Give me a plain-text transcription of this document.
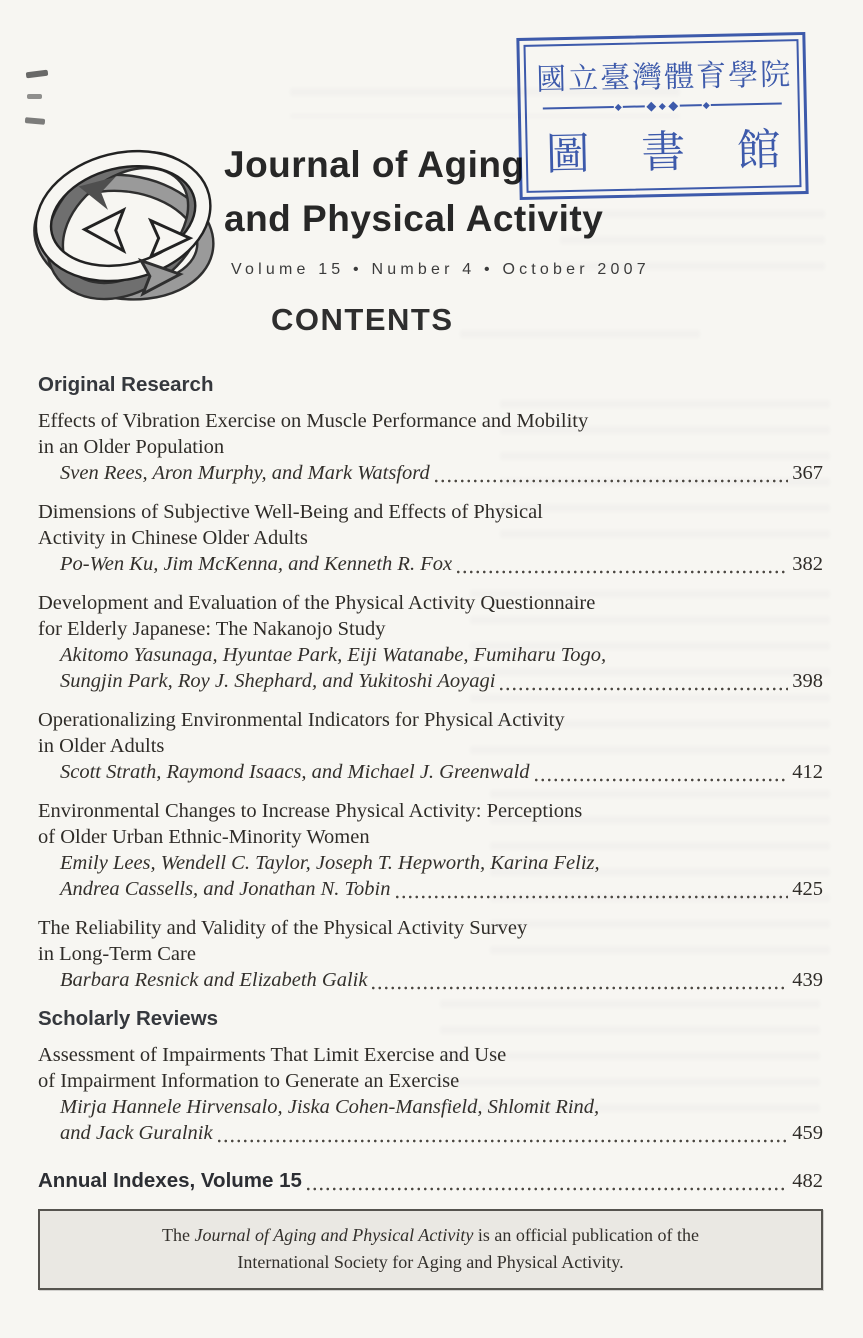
Journal of Aging
and Physical Activity
Volume 15 • Number 4 • October 2007
CONTENTS
國立臺灣體育學院
圖 書 館
Original Research
Effects of Vibration Exercise on Muscle Performance and Mobility
in an Older Population
Sven Rees, Aron Murphy, and Mark Watsford	367
Dimensions of Subjective Well-Being and Effects of Physical
Activity in Chinese Older Adults
Po-Wen Ku, Jim McKenna, and Kenneth R. Fox	382
Development and Evaluation of the Physical Activity Questionnaire
for Elderly Japanese: The Nakanojo Study
Akitomo Yasunaga, Hyuntae Park, Eiji Watanabe, Fumiharu Togo,
Sungjin Park, Roy J. Shephard, and Yukitoshi Aoyagi	398
Operationalizing Environmental Indicators for Physical Activity
in Older Adults
Scott Strath, Raymond Isaacs, and Michael J. Greenwald	412
Environmental Changes to Increase Physical Activity: Perceptions
of Older Urban Ethnic-Minority Women
Emily Lees, Wendell C. Taylor, Joseph T. Hepworth, Karina Feliz,
Andrea Cassells, and Jonathan N. Tobin	425
The Reliability and Validity of the Physical Activity Survey
in Long-Term Care
Barbara Resnick and Elizabeth Galik	439
Scholarly Reviews
Assessment of Impairments That Limit Exercise and Use
of Impairment Information to Generate an Exercise
Mirja Hannele Hirvensalo, Jiska Cohen-Mansfield, Shlomit Rind,
and Jack Guralnik	459
Annual Indexes, Volume 15	482
The Journal of Aging and Physical Activity is an official publication of the
International Society for Aging and Physical Activity.
